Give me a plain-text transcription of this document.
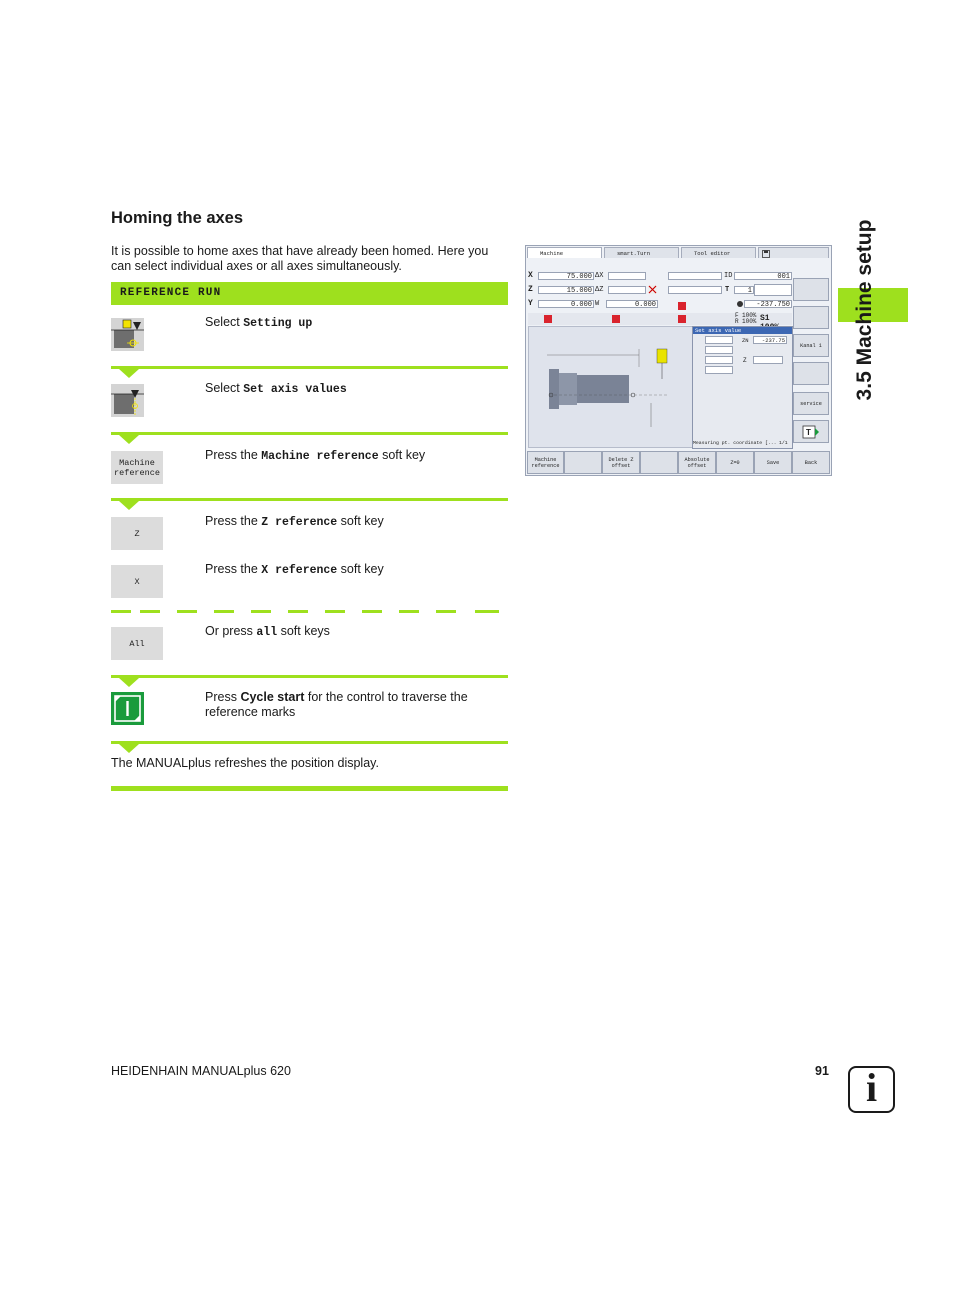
Homing the axes
It is possible to home axes that have already been homed. Here you can select individual axes or all axes simultaneously.
REFERENCE RUN
Select Setting up
Select Set axis values
Machine
reference
Press the Machine reference soft key
Z
Press the Z reference soft key
X
Press the X reference soft key
All
Or press all soft keys
Press Cycle start for the control to traverse the reference marks
The MANUALplus refreshes the position display.
3.5 Machine setup
Machine	smart.Turn	Tool editor
X	75.000 ΔX
Z	15.000 ΔZ
Y	0.000 W	0.000
ID	001
T	1
-237.750
F
R
100%
100% S1
Set axis value
ZN	-237.75
Z
Measuring pt. coordinate [... 1/1
Kanal 1
service
T
Machine reference
Delete Z offset
Absolute offset	Z=0	Save	Back
HEIDENHAIN MANUALplus 620	91 i
